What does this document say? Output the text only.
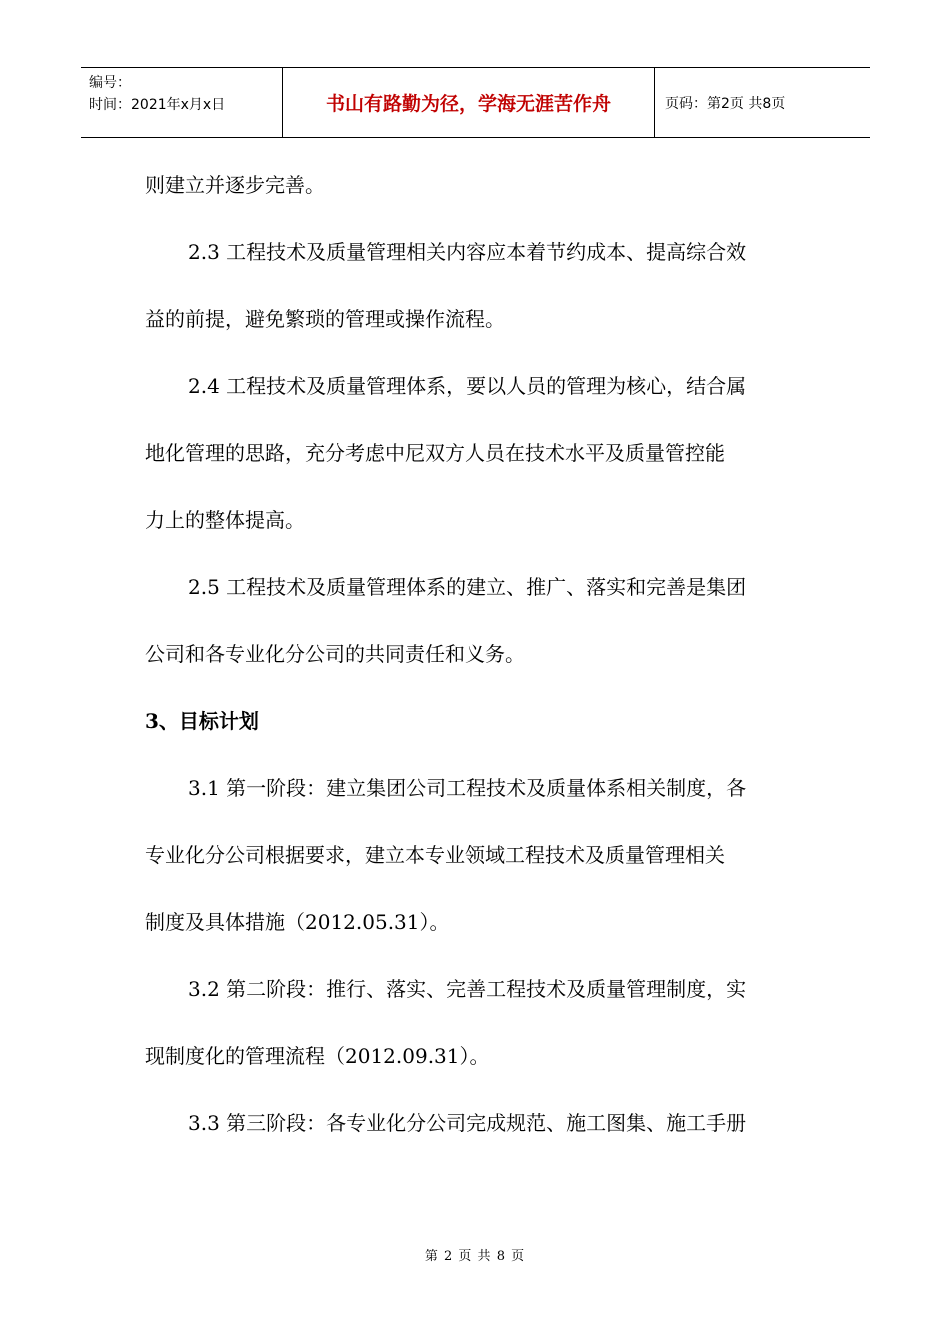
编号：
时间：2021年x月x日	书山有路勤为径，学海无涯苦作舟	页码： 第2页 共8页

则建立并逐步完善。

2.3 工程技术及质量管理相关内容应本着节约成本、提高综合效

益的前提，避免繁琐的管理或操作流程。

2.4 工程技术及质量管理体系，要以人员的管理为核心，结合属

地化管理的思路，充分考虑中尼双方人员在技术水平及质量管控能

力上的整体提高。

2.5 工程技术及质量管理体系的建立、推广、落实和完善是集团

公司和各专业化分公司的共同责任和义务。

3、目标计划

3.1 第一阶段：建立集团公司工程技术及质量体系相关制度，各

专业化分公司根据要求，建立本专业领域工程技术及质量管理相关

制度及具体措施（2012.05.31）。

3.2 第二阶段：推行、落实、完善工程技术及质量管理制度，实

现制度化的管理流程（2012.09.31）。

3.3 第三阶段：各专业化分公司完成规范、施工图集、施工手册

第 2 页 共 8 页
